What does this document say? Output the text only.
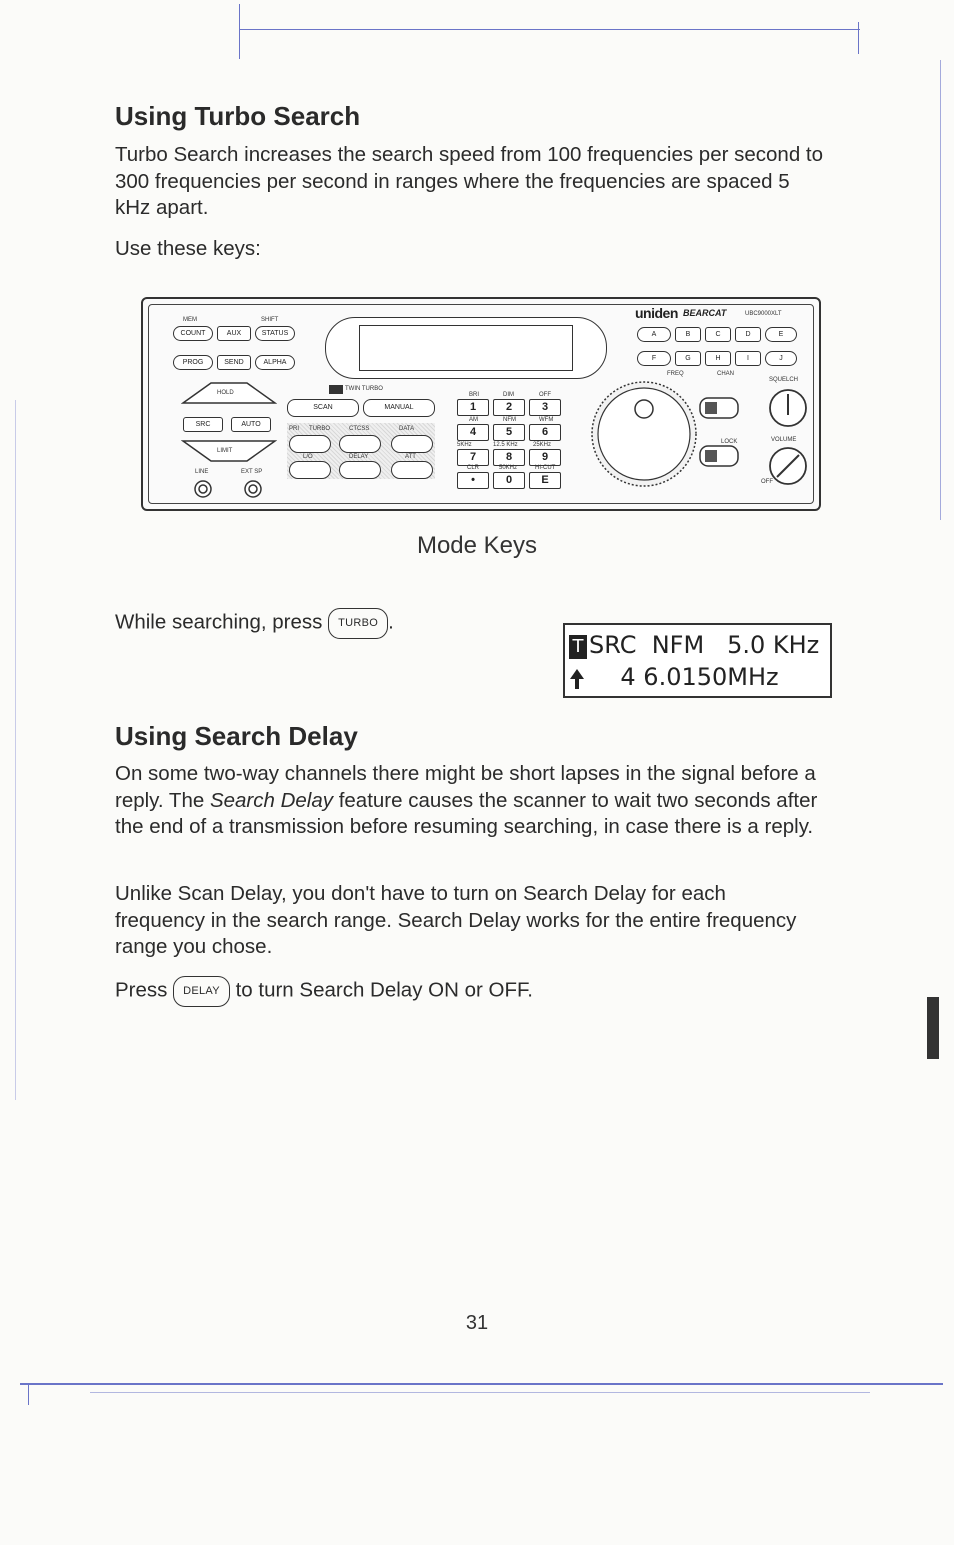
Using Turbo Search

Turbo Search increases the search speed from 100 frequencies per second to 300 frequencies per second in ranges where the frequencies are spaced 5 kHz apart.

Use these keys:

MEM	SHIFT
COUNT	AUX	STATUS
PROG	SEND	ALPHA
HOLD
SRC	AUTO
LIMIT
LINE	EXT SP
TWIN TURBO
SCAN	MANUAL
PRI TURBO	CTCSS	DATA
L/O	DELAY	ATT
BRI	DIM	OFF
1	2	3
AM	NFM	WFM
4	5	6
5KHz	12.5 KHz	25KHz
7	8	9
CLR	50KHz	HI-CUT
•	0	E
uniden BEARCAT	UBC9000XLT
A	B	C	D	E
F	G	H	I	J
FREQ	CHAN
SQUELCH
VOLUME
LOCK
OFF
Mode Keys

While searching, press TURBO .

T SRC  NFM   5.0 KHz
4 6.0150MHz
Using Search Delay

On some two-way channels there might be short lapses in the signal before a reply. The Search Delay feature causes the scanner to wait two seconds after the end of a transmission before resuming searching, in case there is a reply.

Unlike Scan Delay, you don't have to turn on Search Delay for each frequency in the search range. Search Delay works for the entire frequency range you chose.

Press DELAY to turn Search Delay ON or OFF.

31
